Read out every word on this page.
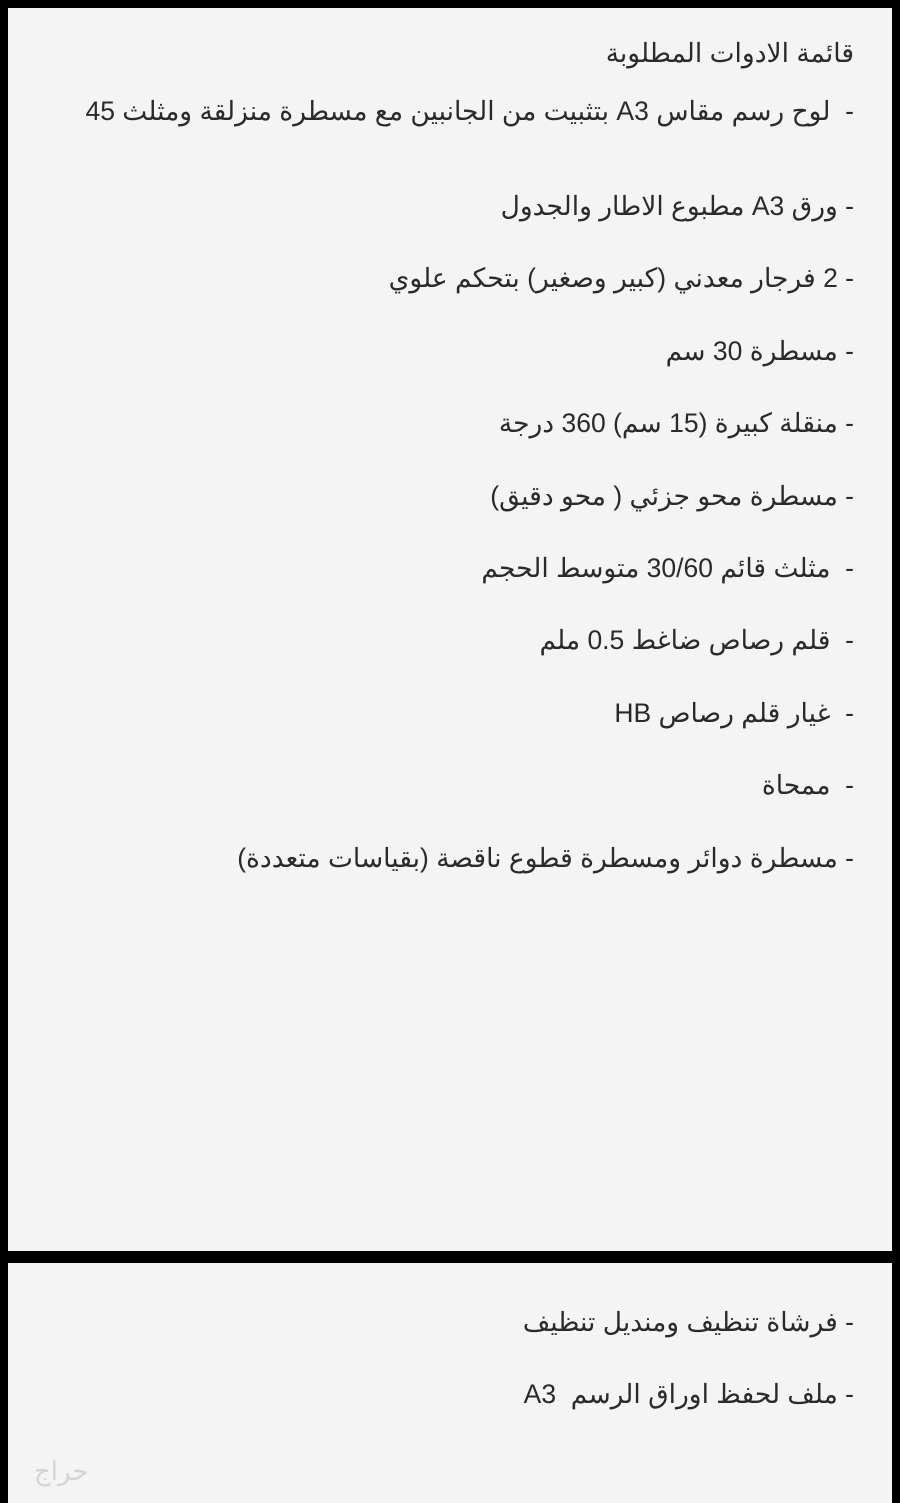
قائمة الادوات المطلوبة

-  لوح رسم مقاس A3 بتثبيت من الجانبين مع مسطرة منزلقة ومثلث 45

- ورق A3 مطبوع الاطار والجدول

- 2 فرجار معدني (كبير وصغير) بتحكم علوي

- مسطرة 30 سم

- منقلة كبيرة (15 سم) 360 درجة

- مسطرة محو جزئي ( محو دقيق)

-  مثلث قائم 30/60 متوسط الحجم

-  قلم رصاص ضاغط 0.5 ملم

-  غيار قلم رصاص HB

-  ممحاة

- مسطرة دوائر ومسطرة قطوع ناقصة (بقياسات متعددة)

- فرشاة تنظيف ومنديل تنظيف

- ملف لحفظ اوراق الرسم  A3

حراج
